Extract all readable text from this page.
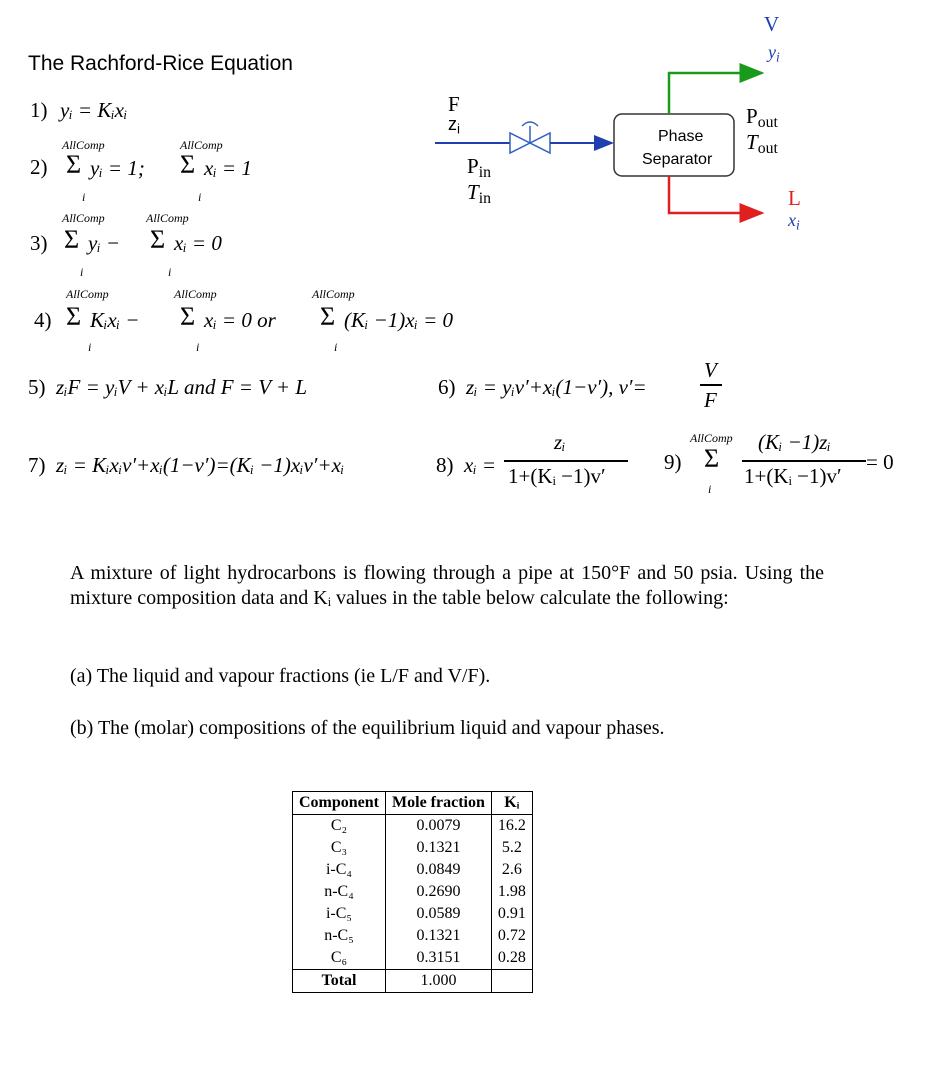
The Rachford-Rice Equation
1) yᵢ = Kᵢxᵢ
AllComp	AllComp
2) Σ yᵢ = 1; Σ xᵢ = 1
i	i
AllComp	AllComp
3) Σ yᵢ − Σ xᵢ = 0
i	i
AllComp	AllComp	AllComp
4) Σ Kᵢxᵢ − Σ xᵢ = 0 or Σ (Kᵢ −1)xᵢ = 0
i	i	i
5) zᵢF = yᵢV + xᵢL and F = V + L	6) zᵢ = yᵢv′+xᵢ(1−v′), v′=
V
F
7) zᵢ = Kᵢxᵢv′+xᵢ(1−v′)=(Kᵢ −1)xᵢv′+xᵢ	8) xᵢ =
zᵢ
1+(Kᵢ −1)v′
AllComp
9) Σ
i
(Kᵢ −1)zᵢ
1+(Kᵢ −1)v′
= 0
F
$z_i$
$P_{in}$
$T_{in}$
Phase
Separator
V
$y_i$
$P_{out}$
$T_{out}$
L
$x_i$
A mixture of light hydrocarbons is flowing through a pipe at 150°F and 50 psia. Using the mixture composition data and Kᵢ values in the table below calculate the following:
(a) The liquid and vapour fractions (ie L/F and V/F).
(b) The (molar) compositions of the equilibrium liquid and vapour phases.
Component	Mole fraction	Kᵢ
C₂	0.0079	16.2
C₃	0.1321	5.2
i-C₄	0.0849	2.6
n-C₄	0.2690	1.98
i-C₅	0.0589	0.91
n-C₅	0.1321	0.72
C₆	0.3151	0.28
Total	1.000	
